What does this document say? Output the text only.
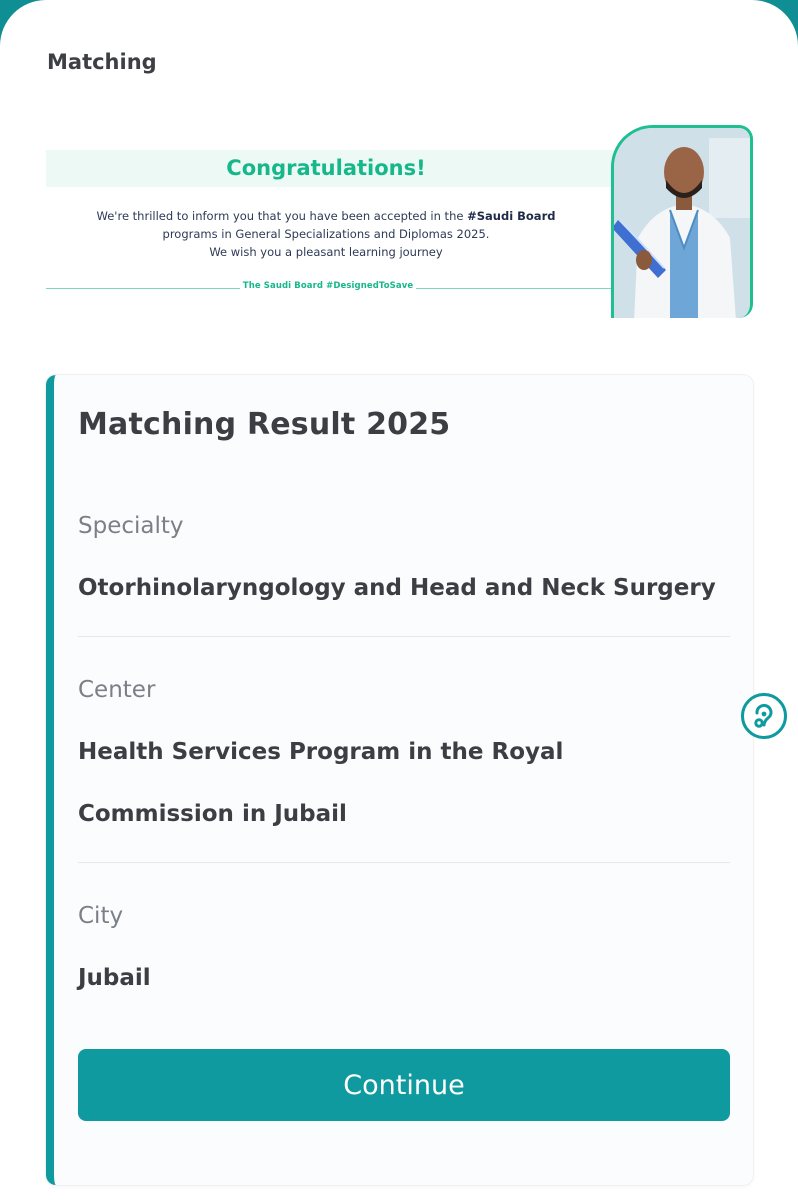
Matching
Congratulations!
We're thrilled to inform you that you have been accepted in the #Saudi Board
programs in General Specializations and Diplomas 2025.
We wish you a pleasant learning journey
The Saudi Board #DesignedToSave
Matching Result 2025
Specialty
Otorhinolaryngology and Head and Neck Surgery
Center
Health Services Program in the Royal Commission in Jubail
City
Jubail
Continue
